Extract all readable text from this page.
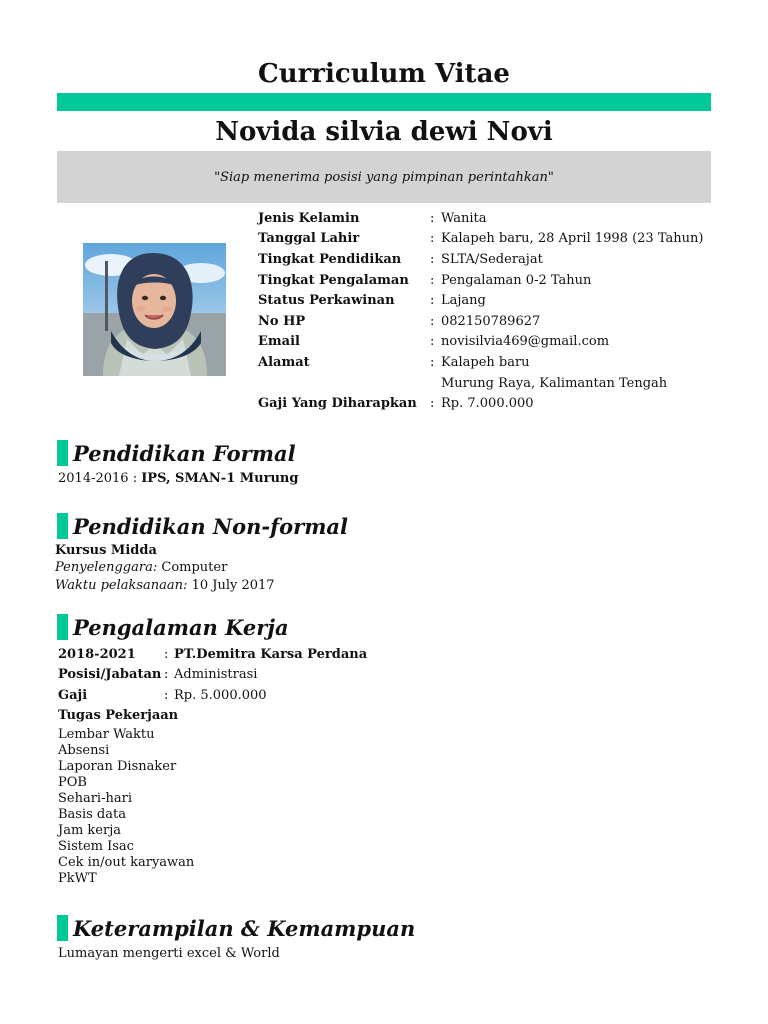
Curriculum Vitae
Novida silvia dewi Novi
"Siap menerima posisi yang pimpinan perintahkan"
Jenis Kelamin	: Wanita
Tanggal Lahir	: Kalapeh baru, 28 April 1998 (23 Tahun)
Tingkat Pendidikan	: SLTA/Sederajat
Tingkat Pengalaman	: Pengalaman 0-2 Tahun
Status Perkawinan	: Lajang
No HP	: 082150789627
Email	: novisilvia469@gmail.com
Alamat	: Kalapeh baru
Murung Raya, Kalimantan Tengah
Gaji Yang Diharapkan	: Rp. 7.000.000
Pendidikan Formal
2014-2016 : IPS, SMAN-1 Murung
Pendidikan Non-formal
Kursus Midda
Penyelenggara: Computer
Waktu pelaksanaan: 10 July 2017
Pengalaman Kerja
2018-2021	: PT.Demitra Karsa Perdana
Posisi/Jabatan : Administrasi
Gaji	: Rp. 5.000.000
Tugas Pekerjaan
Lembar Waktu
Absensi
Laporan Disnaker
POB
Sehari-hari
Basis data
Jam kerja
Sistem Isac
Cek in/out karyawan
PkWT
Keterampilan & Kemampuan
Lumayan mengerti excel & World
